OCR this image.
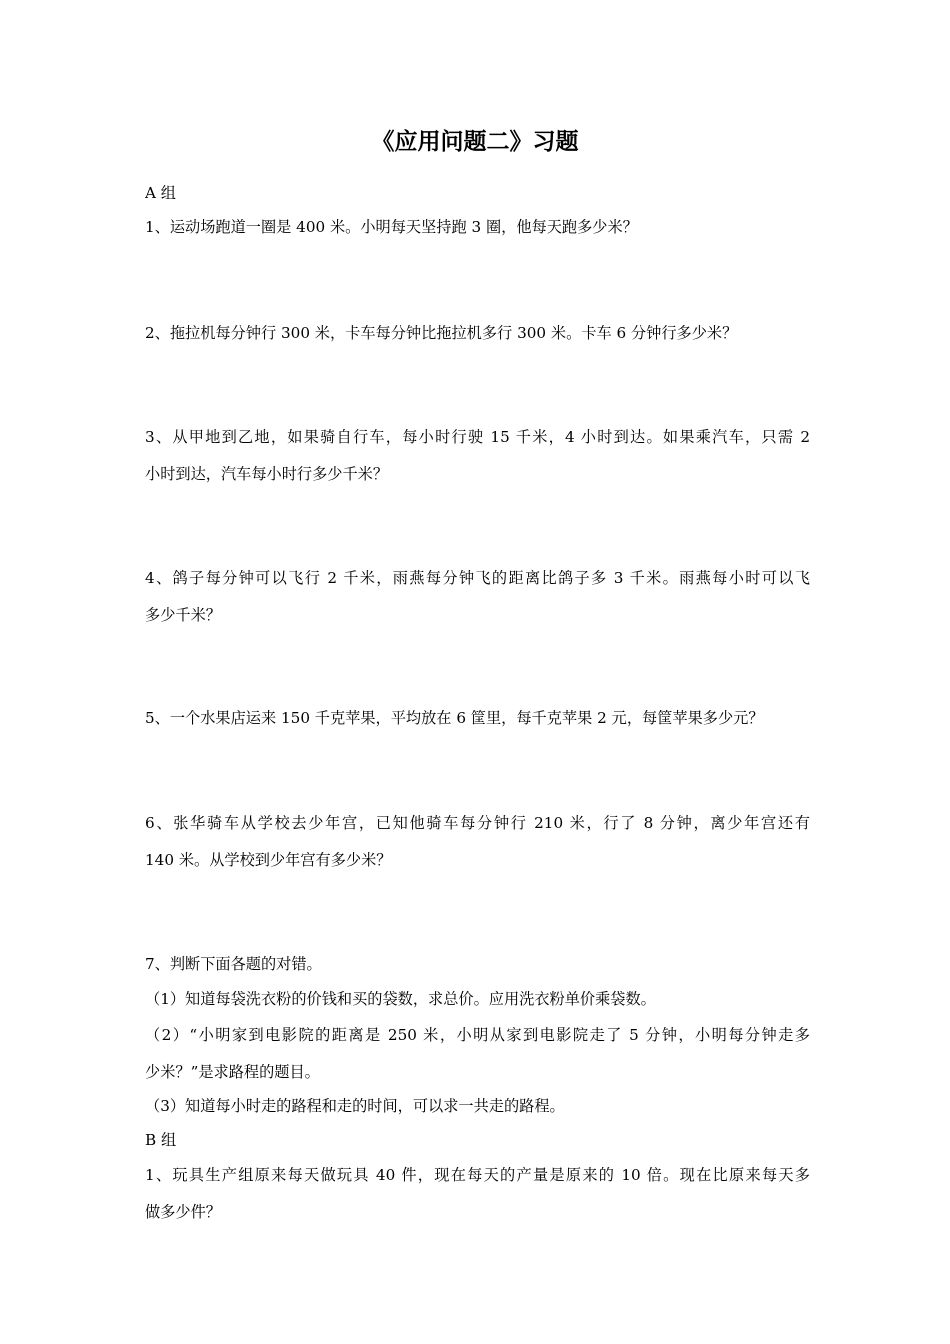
《应用问题二》习题
A 组
1、运动场跑道一圈是 400 米。小明每天坚持跑 3 圈，他每天跑多少米？
2、拖拉机每分钟行 300 米，卡车每分钟比拖拉机多行 300 米。卡车 6 分钟行多少米？
3、从甲地到乙地，如果骑自行车，每小时行驶 15 千米，4 小时到达。如果乘汽车，只需 2
小时到达，汽车每小时行多少千米？
4、鸽子每分钟可以飞行 2 千米，雨燕每分钟飞的距离比鸽子多 3 千米。雨燕每小时可以飞
多少千米？
5、一个水果店运来 150 千克苹果，平均放在 6 筐里，每千克苹果 2 元，每筐苹果多少元？
6、张华骑车从学校去少年宫，已知他骑车每分钟行 210 米，行了 8 分钟，离少年宫还有
140 米。从学校到少年宫有多少米？
7、判断下面各题的对错。
（1）知道每袋洗衣粉的价钱和买的袋数，求总价。应用洗衣粉单价乘袋数。
（2）“小明家到电影院的距离是 250 米，小明从家到电影院走了 5 分钟，小明每分钟走多
少米？”是求路程的题目。
（3）知道每小时走的路程和走的时间，可以求一共走的路程。
B 组
1、玩具生产组原来每天做玩具 40 件，现在每天的产量是原来的 10 倍。现在比原来每天多
做多少件？
